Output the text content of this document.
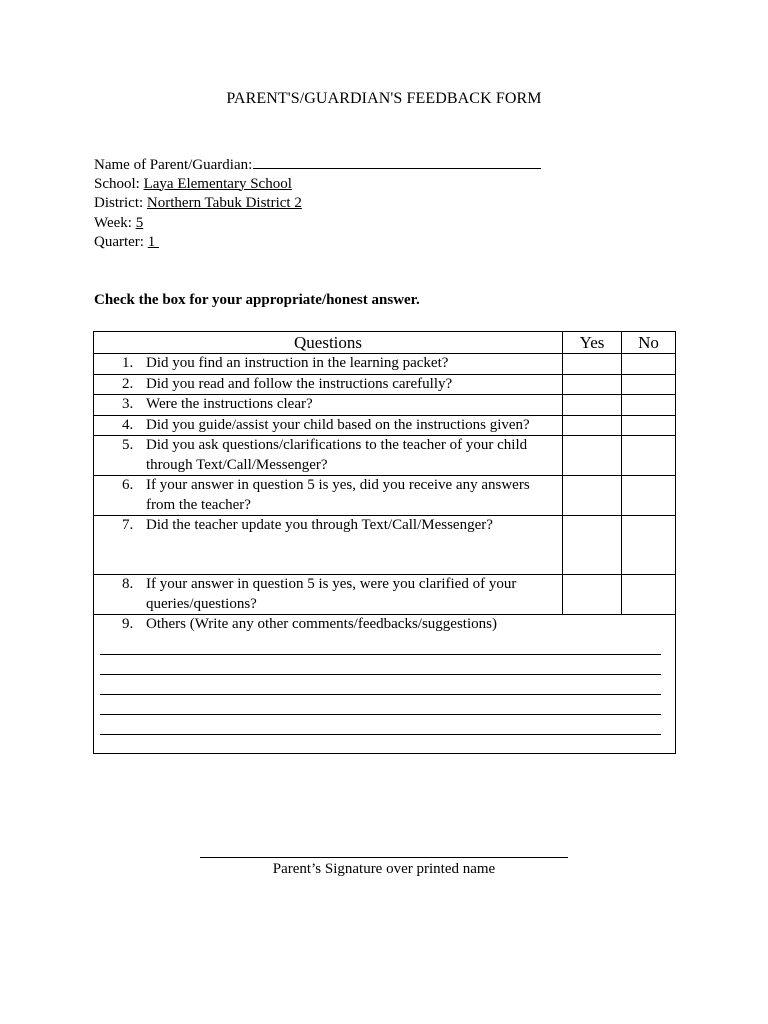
PARENT'S/GUARDIAN'S FEEDBACK FORM
Name of Parent/Guardian:
School: Laya Elementary School
District: Northern Tabuk District 2
Week: 5
Quarter: 1
Check the box for your appropriate/honest answer.
Questions	Yes	No

1. Did you find an instruction in the learning packet?		

2. Did you read and follow the instructions carefully?		

3. Were the instructions clear?		

4. Did you guide/assist your child based on the instructions given?		

5. Did you ask questions/clarifications to the teacher of your child through Text/Call/Messenger?		

6. If your answer in question 5 is yes, did you receive any answers from the teacher?		

7. Did the teacher update you through Text/Call/Messenger?		

8. If your answer in question 5 is yes, were you clarified of your queries/questions?		

9. Others (Write any other comments/feedbacks/suggestions)		
Parent’s Signature over printed name
